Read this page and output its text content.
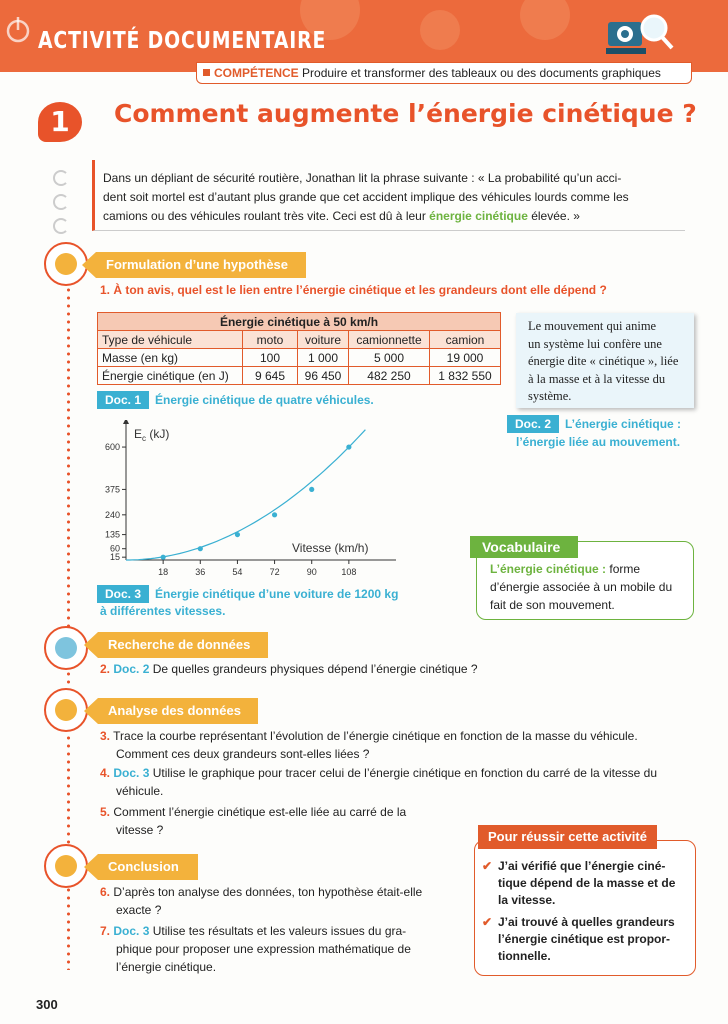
ACTIVITÉ DOCUMENTAIRE
COMPÉTENCE Produire et transformer des tableaux ou des documents graphiques
1	Comment augmente l’énergie cinétique ?
Dans un dépliant de sécurité routière, Jonathan lit la phrase suivante : « La probabilité qu’un acci-
dent soit mortel est d’autant plus grande que cet accident implique des véhicules lourds comme les
camions ou des véhicules roulant très vite. Ceci est dû à leur énergie cinétique élevée. »
Formulation d’une hypothèse
1. À ton avis, quel est le lien entre l’énergie cinétique et les grandeurs dont elle dépend ?
Énergie cinétique à 50 km/h				
Type de véhicule	moto	voiture	camionnette	camion
Masse (en kg)	100	1 000	5 000	19 000
Énergie cinétique (en J)	9 645	96 450	482 250	1 832 550
Doc. 1 Énergie cinétique de quatre véhicules.
Le mouvement qui anime
un système lui confère une
énergie dite « cinétique », liée
à la masse et à la vitesse du
système.
Doc. 2 L’énergie cinétique :
l’énergie liée au mouvement.
18	36	54	72	90	108
600
375
240
135
60
15
$E_c$ (kJ)
Vitesse (km/h)
Doc. 3 Énergie cinétique d’une voiture de 1200 kg
à différentes vitesses.
Vocabulaire
L’énergie cinétique : forme
d’énergie associée à un mobile du
fait de son mouvement.
Recherche de données
2. Doc. 2 De quelles grandeurs physiques dépend l’énergie cinétique ?
Analyse des données
3. Trace la courbe représentant l’évolution de l’énergie cinétique en fonction de la masse du véhicule.
Comment ces deux grandeurs sont-elles liées ?
4. Doc. 3 Utilise le graphique pour tracer celui de l’énergie cinétique en fonction du carré de la vitesse du
véhicule.
5. Comment l’énergie cinétique est-elle liée au carré de la
vitesse ?
Conclusion
6. D’après ton analyse des données, ton hypothèse était-elle
exacte ?
7. Doc. 3 Utilise tes résultats et les valeurs issues du gra-
phique pour proposer une expression mathématique de
l’énergie cinétique.
Pour réussir cette activité
✔ J’ai vérifié que l’énergie ciné-
tique dépend de la masse et de
la vitesse.
✔ J’ai trouvé à quelles grandeurs
l’énergie cinétique est propor-
tionnelle.
300
